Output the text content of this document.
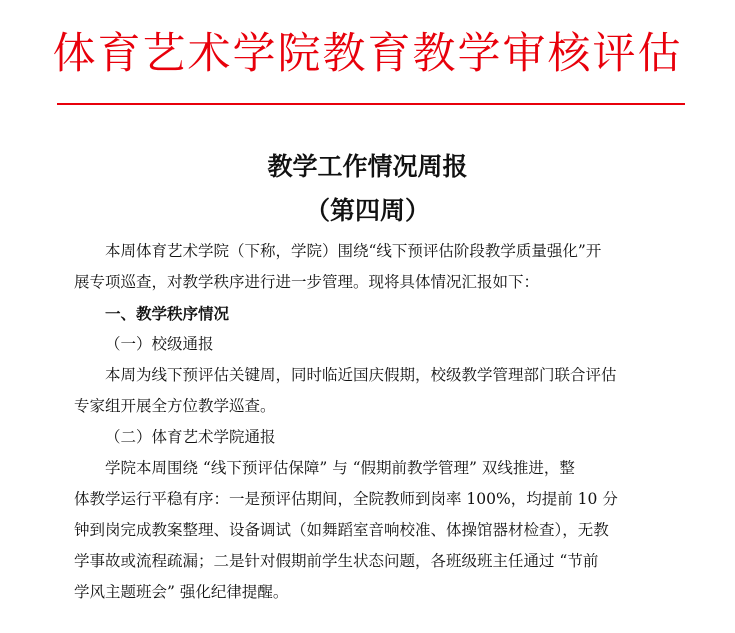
体育艺术学院教育教学审核评估
教学工作情况周报
（第四周）
本周体育艺术学院（下称，学院）围绕“线下预评估阶段教学质量强化”开
展专项巡查，对教学秩序进行进一步管理。现将具体情况汇报如下：
一、教学秩序情况
（一）校级通报
本周为线下预评估关键周，同时临近国庆假期，校级教学管理部门联合评估
专家组开展全方位教学巡查。
（二）体育艺术学院通报
学院本周围绕 “线下预评估保障” 与 “假期前教学管理” 双线推进，整
体教学运行平稳有序：一是预评估期间，全院教师到岗率 100%，均提前 10 分
钟到岗完成教案整理、设备调试（如舞蹈室音响校准、体操馆器材检查），无教
学事故或流程疏漏；二是针对假期前学生状态问题，各班级班主任通过 “节前
学风主题班会” 强化纪律提醒。
